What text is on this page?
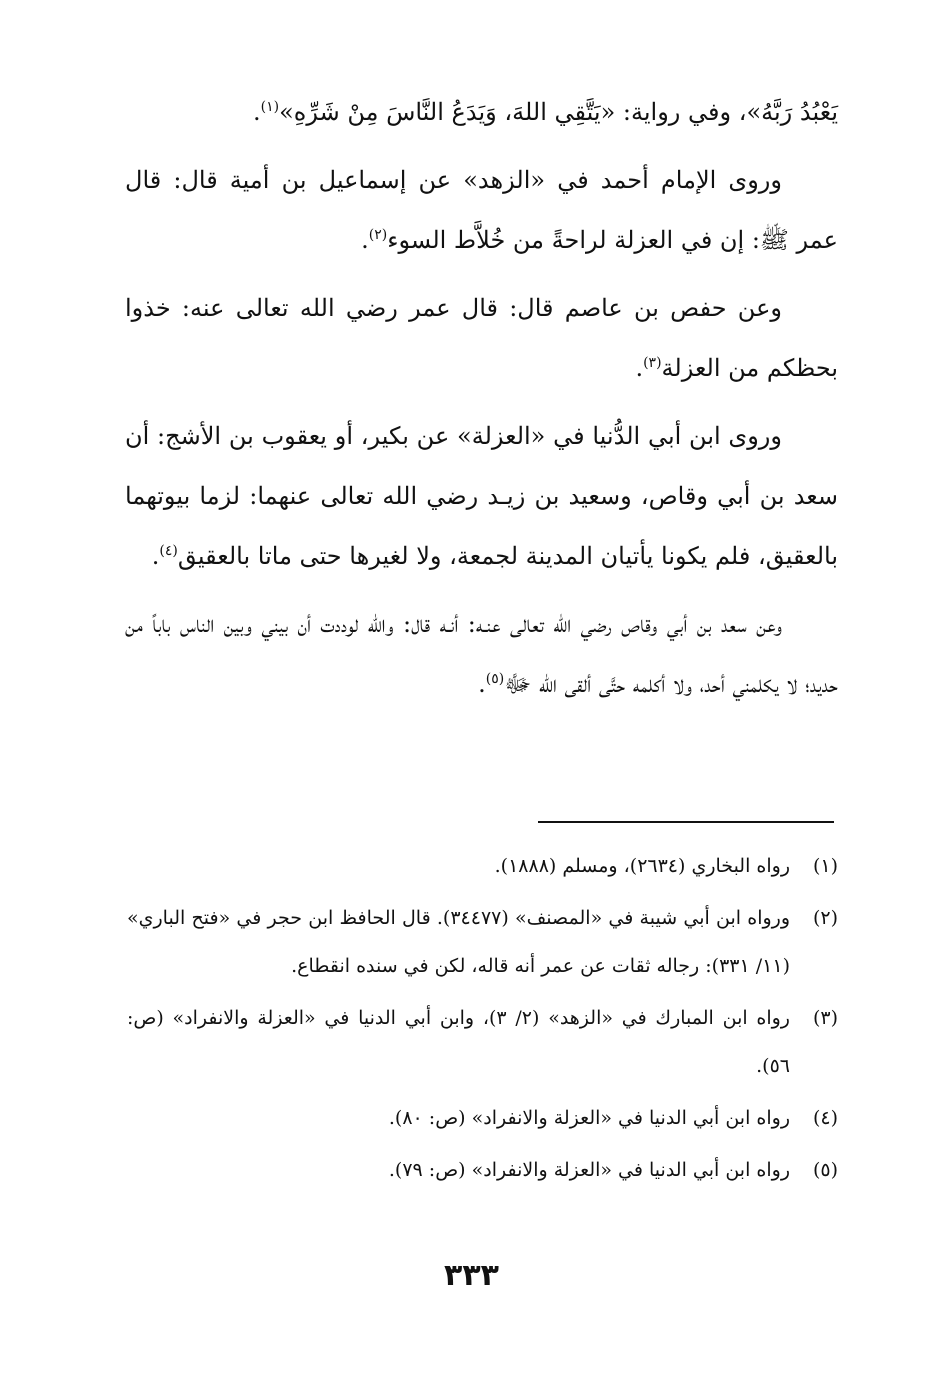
يَعْبُدُ رَبَّهُ»، وفي رواية: «يَتَّقِي اللهَ، وَيَدَعُ النَّاسَ مِنْ شَرِّهِ»$^{(١)}$.

وروى الإمام أحمد في «الزهد» عن إسماعيل بن أمية قال: قال عمر ﷺ: إن في العزلة لراحةً من خُلاَّط السوء$^{(٢)}$.

وعن حفص بن عاصم قال: قال عمر رضي الله تعالى عنه: خذوا بحظكم من العزلة$^{(٣)}$.

وروى ابن أبي الدُّنيا في «العزلة» عن بكير، أو يعقوب بن الأشج: أن سعد بن أبي وقاص، وسعيد بن زيـد رضي الله تعالى عنهما: لزما بيوتهما بالعقيق، فلم يكونا يأتيان المدينة لجمعة، ولا لغيرها حتى ماتا بالعقيق$^{(٤)}$.

وعن سعد بن أبي وقاص رضي الله تعالى عنـه: أنـه قال: والله لوددت أن بيني وبين الناس باباً من حديد؛ لا يكلمني أحد، ولا أكلمه حتَّى ألقى الله ﷻ$^{(٥)}$.

(١)
رواه البخاري (٢٦٣٤)، ومسلم (١٨٨٨).
(٢)
ورواه ابن أبي شيبة في «المصنف» (٣٤٤٧٧). قال الحافظ ابن حجر في «فتح الباري» (١١/ ٣٣١): رجاله ثقات عن عمر أنه قاله، لكن في سنده انقطاع.
(٣)
رواه ابن المبارك في «الزهد» (٢/ ٣)، وابن أبي الدنيا في «العزلة والانفراد» (ص: ٥٦).
(٤)
رواه ابن أبي الدنيا في «العزلة والانفراد» (ص: ٨٠).
(٥)
رواه ابن أبي الدنيا في «العزلة والانفراد» (ص: ٧٩).
٣٣٣
